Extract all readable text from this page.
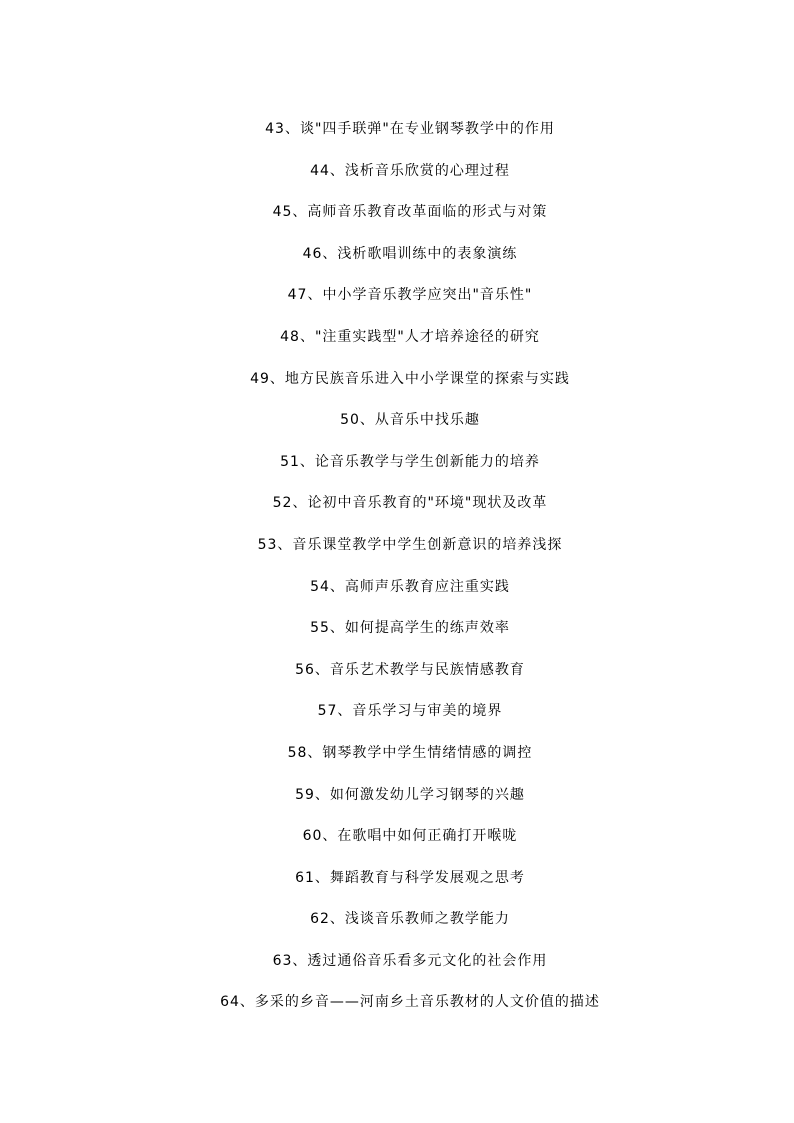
43、谈"四手联弹"在专业钢琴教学中的作用
44、浅析音乐欣赏的心理过程
45、高师音乐教育改革面临的形式与对策
46、浅析歌唱训练中的表象演练
47、中小学音乐教学应突出"音乐性"
48、"注重实践型"人才培养途径的研究
49、地方民族音乐进入中小学课堂的探索与实践
50、从音乐中找乐趣
51、论音乐教学与学生创新能力的培养
52、论初中音乐教育的"环境"现状及改革
53、音乐课堂教学中学生创新意识的培养浅探
54、高师声乐教育应注重实践
55、如何提高学生的练声效率
56、音乐艺术教学与民族情感教育
57、音乐学习与审美的境界
58、钢琴教学中学生情绪情感的调控
59、如何激发幼儿学习钢琴的兴趣
60、在歌唱中如何正确打开喉咙
61、舞蹈教育与科学发展观之思考
62、浅谈音乐教师之教学能力
63、透过通俗音乐看多元文化的社会作用
64、多采的乡音——河南乡土音乐教材的人文价值的描述
